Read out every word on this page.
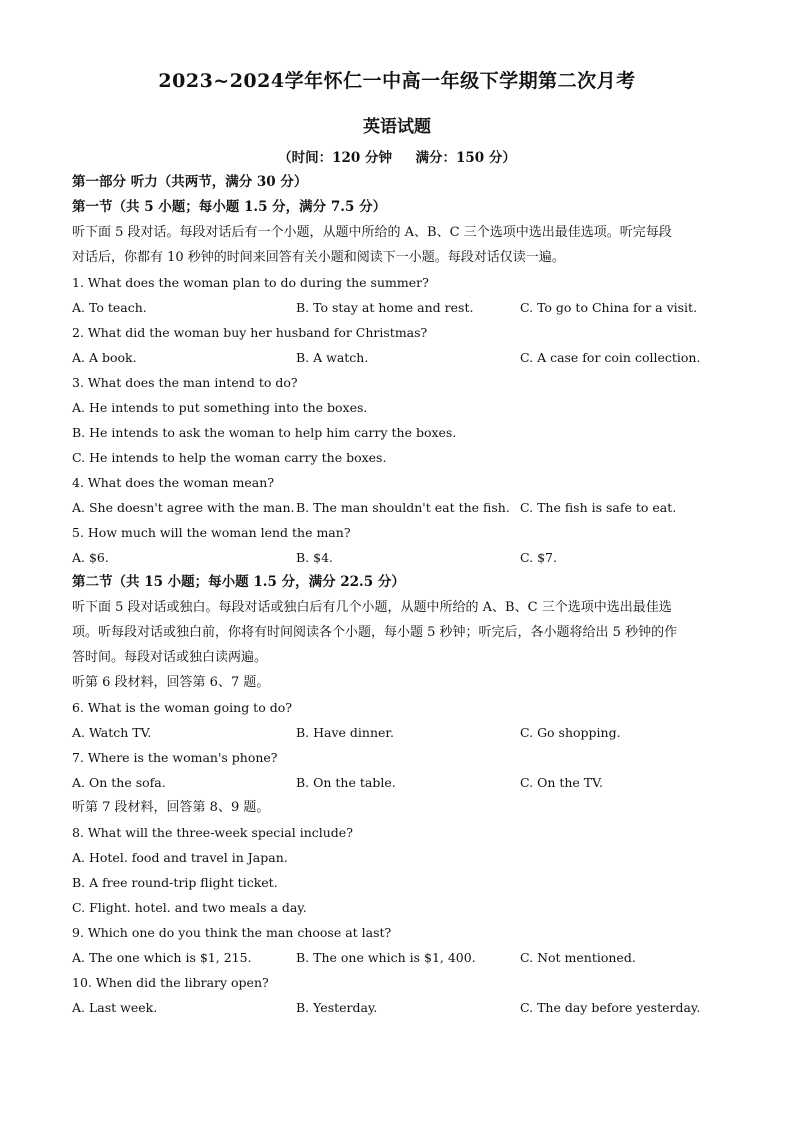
2023~2024学年怀仁一中高一年级下学期第二次月考
英语试题
（时间：120 分钟     满分：150 分）
第一部分 听力（共两节，满分 30 分）
第一节（共 5 小题；每小题 1.5 分，满分 7.5 分）
听下面 5 段对话。每段对话后有一个小题，从题中所给的 A、B、C 三个选项中选出最佳选项。听完每段
对话后，你都有 10 秒钟的时间来回答有关小题和阅读下一小题。每段对话仅读一遍。
1. What does the woman plan to do during the summer?
A. To teach.	B. To stay at home and rest.	C. To go to China for a visit.
2. What did the woman buy her husband for Christmas?
A. A book.	B. A watch.	C. A case for coin collection.
3. What does the man intend to do?
A. He intends to put something into the boxes.
B. He intends to ask the woman to help him carry the boxes.
C. He intends to help the woman carry the boxes.
4. What does the woman mean?
A. She doesn't agree with the man. B. The man shouldn't eat the fish. C. The fish is safe to eat.
5. How much will the woman lend the man?
A. $6.	B. $4.	C. $7.
第二节（共 15 小题；每小题 1.5 分，满分 22.5 分）
听下面 5 段对话或独白。每段对话或独白后有几个小题，从题中所给的 A、B、C 三个选项中选出最佳选
项。听每段对话或独白前，你将有时间阅读各个小题，每小题 5 秒钟；听完后，各小题将给出 5 秒钟的作
答时间。每段对话或独白读两遍。
听第 6 段材料，回答第 6、7 题。
6. What is the woman going to do?
A. Watch TV.	B. Have dinner.	C. Go shopping.
7. Where is the woman's phone?
A. On the sofa.	B. On the table.	C. On the TV.
听第 7 段材料，回答第 8、9 题。
8. What will the three-week special include?
A. Hotel. food and travel in Japan.
B. A free round-trip flight ticket.
C. Flight. hotel. and two meals a day.
9. Which one do you think the man choose at last?
A. The one which is $1, 215.	B. The one which is $1, 400.	C. Not mentioned.
10. When did the library open?
A. Last week.	B. Yesterday.	C. The day before yesterday.
